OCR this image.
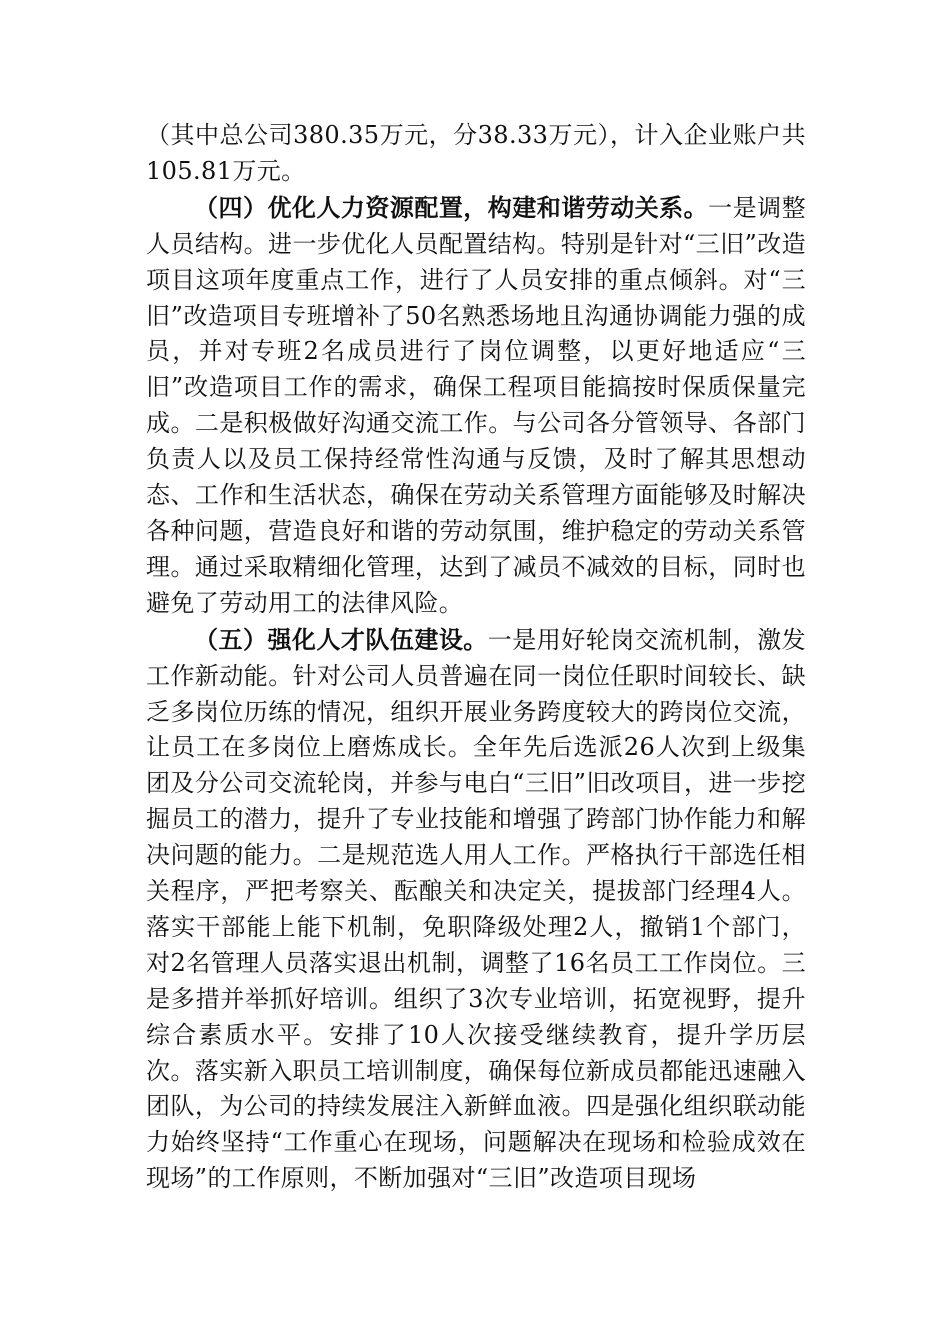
（其中总公司380.35万元，分38.33万元），计入企业账户共105.81万元。

（四）优化人力资源配置，构建和谐劳动关系。一是调整人员结构。进一步优化人员配置结构。特别是针对“三旧”改造项目这项年度重点工作，进行了人员安排的重点倾斜。对“三旧”改造项目专班增补了50名熟悉场地且沟通协调能力强的成员，并对专班2名成员进行了岗位调整，以更好地适应“三旧”改造项目工作的需求，确保工程项目能搞按时保质保量完成。二是积极做好沟通交流工作。与公司各分管领导、各部门负责人以及员工保持经常性沟通与反馈，及时了解其思想动态、工作和生活状态，确保在劳动关系管理方面能够及时解决各种问题，营造良好和谐的劳动氛围，维护稳定的劳动关系管理。通过采取精细化管理，达到了减员不减效的目标，同时也避免了劳动用工的法律风险。

（五）强化人才队伍建设。一是用好轮岗交流机制，激发工作新动能。针对公司人员普遍在同一岗位任职时间较长、缺乏多岗位历练的情况，组织开展业务跨度较大的跨岗位交流，让员工在多岗位上磨炼成长。全年先后选派26人次到上级集团及分公司交流轮岗，并参与电白“三旧”旧改项目，进一步挖掘员工的潜力，提升了专业技能和增强了跨部门协作能力和解决问题的能力。二是规范选人用人工作。严格执行干部选任相关程序，严把考察关、酝酿关和决定关，提拔部门经理4人。落实干部能上能下机制，免职降级处理2人，撤销1个部门，对2名管理人员落实退出机制，调整了16名员工工作岗位。三是多措并举抓好培训。组织了3次专业培训，拓宽视野，提升综合素质水平。安排了10人次接受继续教育，提升学历层次。落实新入职员工培训制度，确保每位新成员都能迅速融入团队，为公司的持续发展注入新鲜血液。四是强化组织联动能力始终坚持“工作重心在现场，问题解决在现场和检验成效在现场”的工作原则，不断加强对“三旧”改造项目现场
